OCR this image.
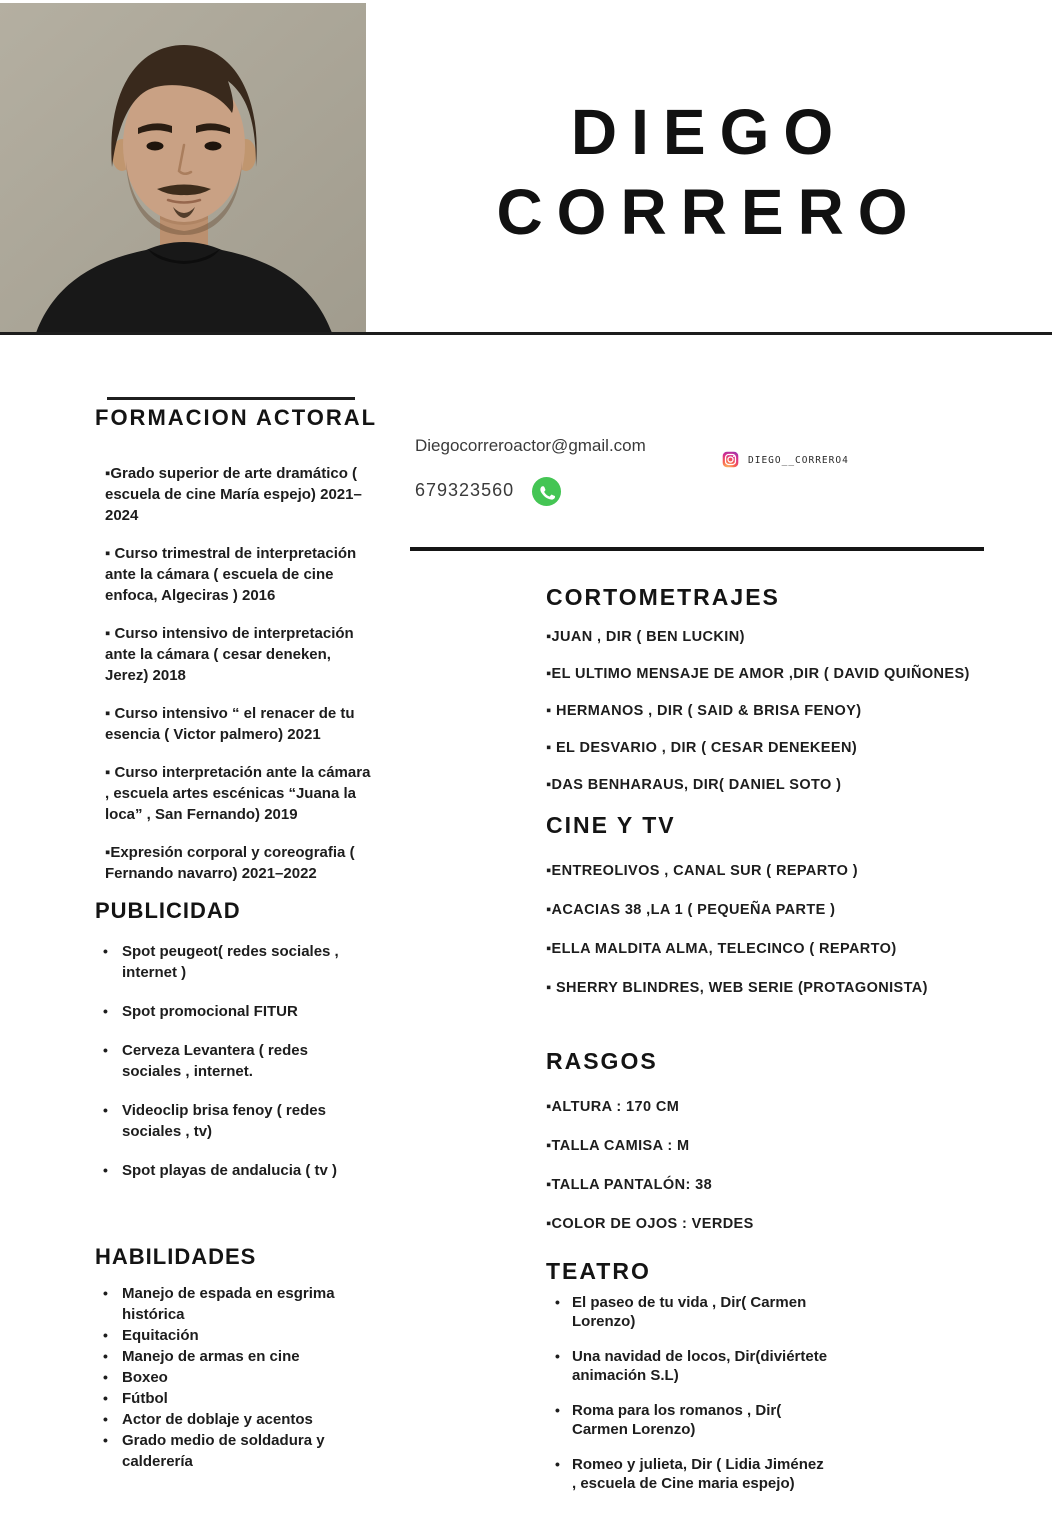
DIEGO
CORRERO
Diegocorreroactor@gmail.com
679323560
DIEGO__CORRERO4
FORMACION ACTORAL
▪Grado superior de arte dramático ( escuela de cine María espejo) 2021–2024
▪ Curso trimestral de interpretación ante la cámara ( escuela de cine enfoca, Algeciras ) 2016
▪ Curso intensivo de interpretación ante la cámara ( cesar deneken, Jerez) 2018
▪ Curso intensivo “ el renacer de tu esencia ( Victor palmero) 2021
▪ Curso interpretación ante la cámara , escuela artes escénicas “Juana la loca” , San Fernando) 2019
▪Expresión corporal y coreografia ( Fernando navarro) 2021–2022
PUBLICIDAD
• Spot peugeot( redes sociales , internet )
• Spot promocional FITUR
• Cerveza Levantera ( redes sociales , internet.
• Videoclip brisa fenoy ( redes sociales , tv)
• Spot playas de andalucia ( tv )
HABILIDADES
• Manejo de espada en esgrima histórica
• Equitación
• Manejo de armas en cine
• Boxeo
• Fútbol
• Actor de doblaje y acentos
• Grado medio de soldadura y calderería
CORTOMETRAJES
▪JUAN , DIR ( BEN LUCKIN)
▪EL ULTIMO MENSAJE DE AMOR ,DIR ( DAVID QUIÑONES)
▪ HERMANOS , DIR ( SAID & BRISA FENOY)
▪ EL DESVARIO , DIR ( CESAR DENEKEEN)
▪DAS BENHARAUS, DIR( DANIEL SOTO )
CINE Y TV
▪ENTREOLIVOS , CANAL SUR ( REPARTO )
▪ACACIAS 38 ,LA 1 ( PEQUEÑA PARTE )
▪ELLA MALDITA ALMA, TELECINCO ( REPARTO)
▪ SHERRY BLINDRES, WEB SERIE (PROTAGONISTA)
RASGOS
▪ALTURA : 170 CM
▪TALLA CAMISA : M
▪TALLA PANTALÓN: 38
▪COLOR DE OJOS : VERDES
TEATRO
• El paseo de tu vida , Dir( Carmen Lorenzo)
• Una navidad de locos, Dir(diviértete animación S.L)
• Roma para los romanos , Dir( Carmen Lorenzo)
• Romeo y julieta, Dir ( Lidia Jiménez , escuela de Cine maria espejo)
